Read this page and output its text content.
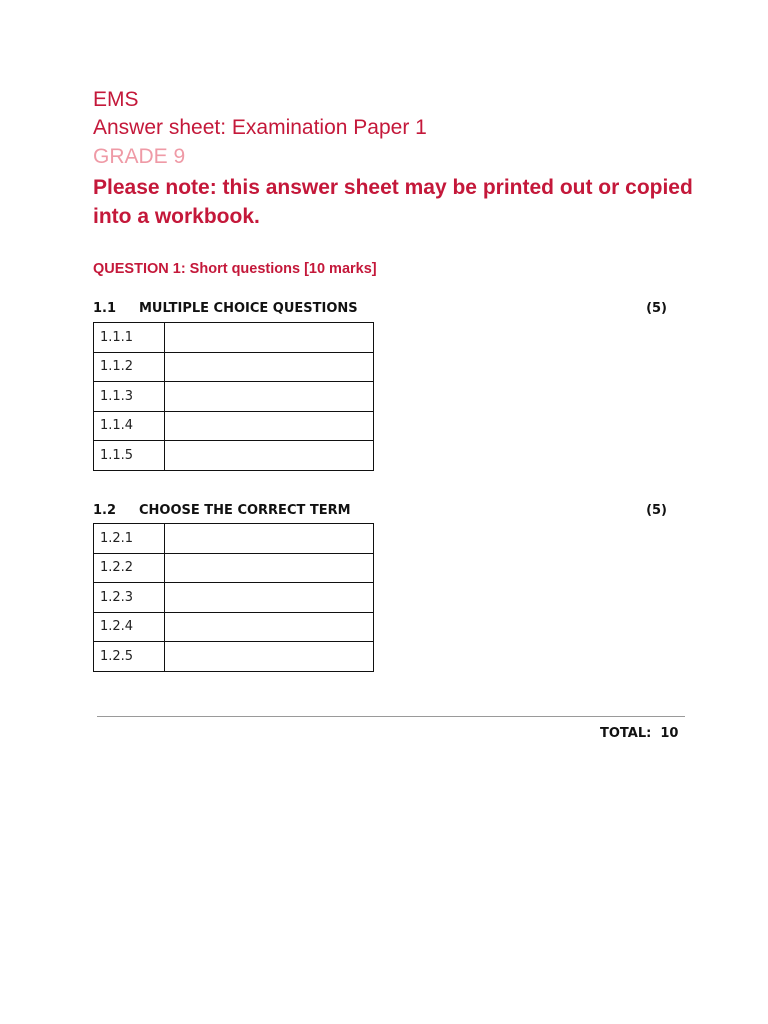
EMS

Answer sheet: Examination Paper 1

GRADE 9

Please note: this answer sheet may be printed out or copied into a workbook.

QUESTION 1: Short questions [10 marks]

1.1 MULTIPLE CHOICE QUESTIONS	(5)
1.1.1	
1.1.2	
1.1.3	
1.1.4	
1.1.5	
1.2 CHOOSE THE CORRECT TERM	(5)
1.2.1	
1.2.2	
1.2.3	
1.2.4	
1.2.5	
TOTAL: 10
